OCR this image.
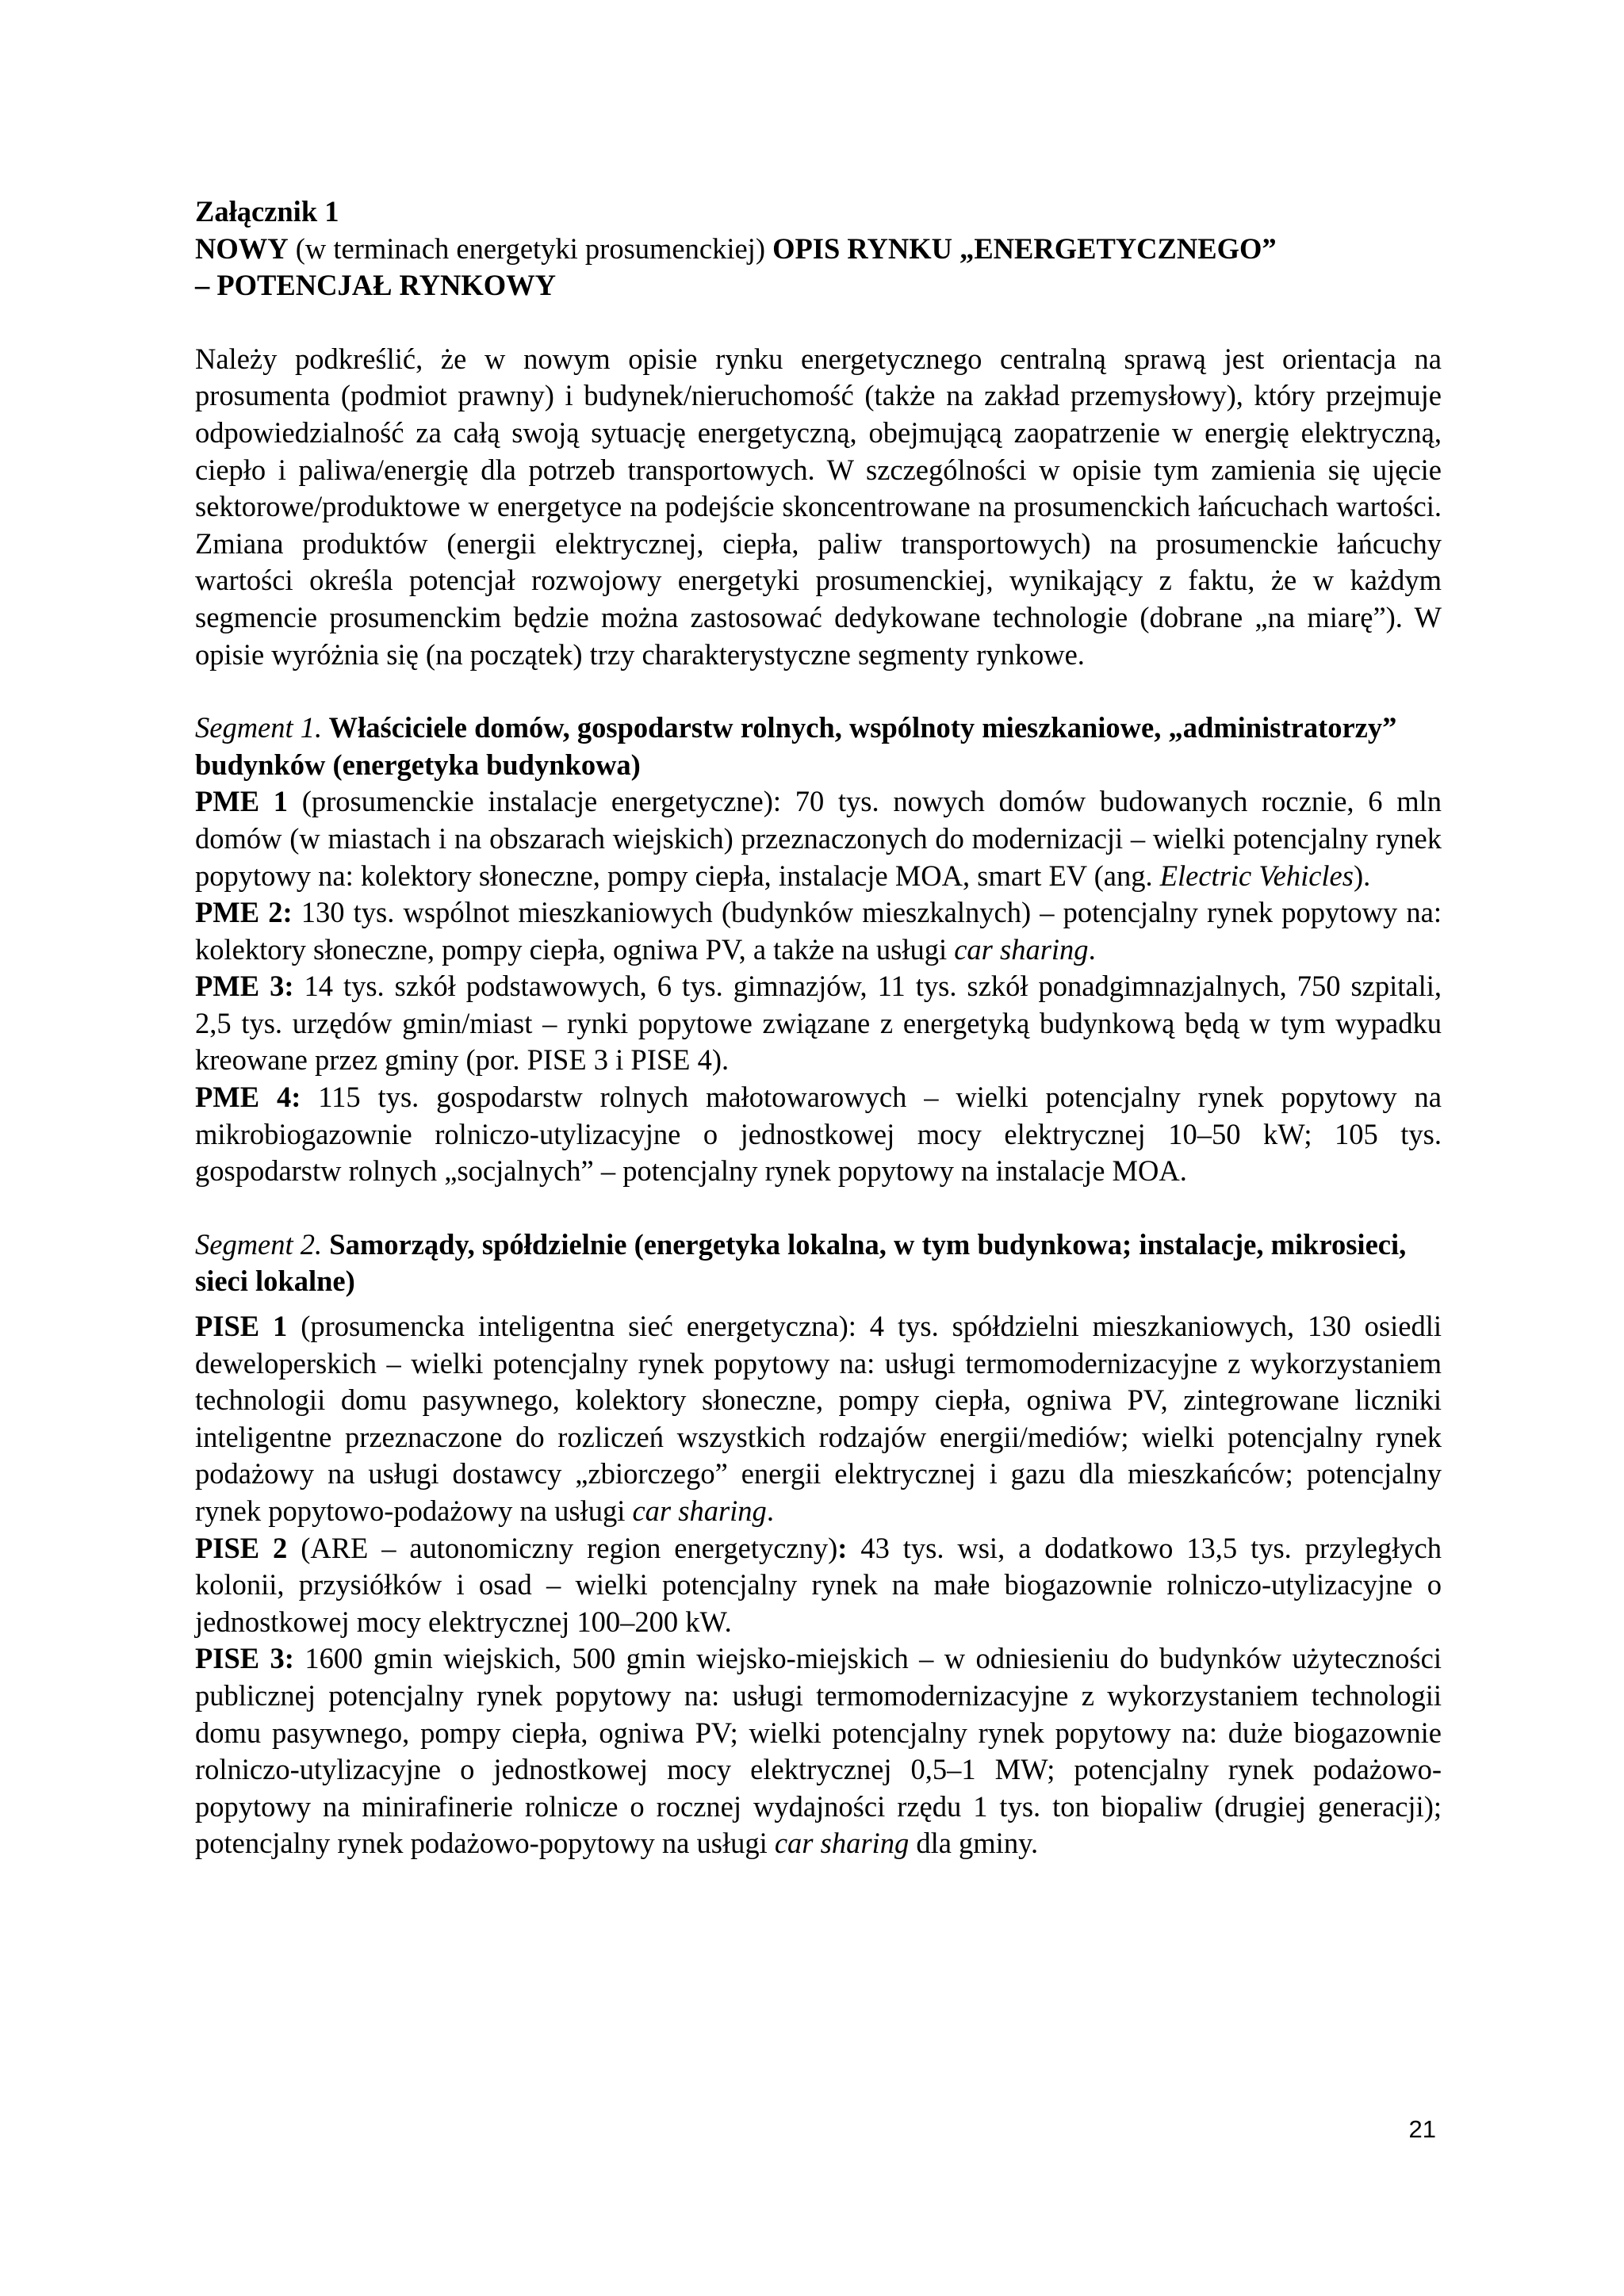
Załącznik 1
NOWY (w terminach energetyki prosumenckiej) OPIS RYNKU „ENERGETYCZNEGO”
– POTENCJAŁ RYNKOWY

Należy podkreślić, że w nowym opisie rynku energetycznego centralną sprawą jest orientacja na prosumenta (podmiot prawny) i budynek/nieruchomość (także na zakład przemysłowy), który przejmuje odpowiedzialność za całą swoją sytuację energetyczną, obejmującą zaopatrzenie w energię elektryczną, ciepło i paliwa/energię dla potrzeb transportowych. W szczególności w opisie tym zamienia się ujęcie sektorowe/produktowe w energetyce na podejście skoncentrowane na prosumenckich łańcuchach wartości. Zmiana produktów (energii elektrycznej, ciepła, paliw transportowych) na prosumenckie łańcuchy wartości określa potencjał rozwojowy energetyki prosumenckiej, wynikający z faktu, że w każdym segmencie prosumenckim będzie można zastosować dedykowane technologie (dobrane „na miarę”). W opisie wyróżnia się (na początek) trzy charakterystyczne segmenty rynkowe.

Segment 1. Właściciele domów, gospodarstw rolnych, wspólnoty mieszkaniowe, „administratorzy” budynków (energetyka budynkowa)

PME 1 (prosumenckie instalacje energetyczne): 70 tys. nowych domów budowanych rocznie, 6 mln domów (w miastach i na obszarach wiejskich) przeznaczonych do modernizacji – wielki potencjalny rynek popytowy na: kolektory słoneczne, pompy ciepła, instalacje MOA, smart EV (ang. Electric Vehicles).

PME 2: 130 tys. wspólnot mieszkaniowych (budynków mieszkalnych) – potencjalny rynek popytowy na: kolektory słoneczne, pompy ciepła, ogniwa PV, a także na usługi car sharing.

PME 3: 14 tys. szkół podstawowych, 6 tys. gimnazjów, 11 tys. szkół ponadgimnazjalnych, 750 szpitali, 2,5 tys. urzędów gmin/miast – rynki popytowe związane z energetyką budynkową będą w tym wypadku kreowane przez gminy (por. PISE 3 i PISE 4).

PME 4: 115 tys. gospodarstw rolnych małotowarowych – wielki potencjalny rynek popytowy na mikrobiogazownie rolniczo-utylizacyjne o jednostkowej mocy elektrycznej 10–50 kW; 105 tys. gospodarstw rolnych „socjalnych” – potencjalny rynek popytowy na instalacje MOA.

Segment 2. Samorządy, spółdzielnie (energetyka lokalna, w tym budynkowa; instalacje, mikrosieci, sieci lokalne)

PISE 1 (prosumencka inteligentna sieć energetyczna): 4 tys. spółdzielni mieszkaniowych, 130 osiedli deweloperskich – wielki potencjalny rynek popytowy na: usługi termomodernizacyjne z wykorzystaniem technologii domu pasywnego, kolektory słoneczne, pompy ciepła, ogniwa PV, zintegrowane liczniki inteligentne przeznaczone do rozliczeń wszystkich rodzajów energii/mediów; wielki potencjalny rynek podażowy na usługi dostawcy „zbiorczego” energii elektrycznej i gazu dla mieszkańców; potencjalny rynek popytowo-podażowy na usługi car sharing.

PISE 2 (ARE – autonomiczny region energetyczny): 43 tys. wsi, a dodatkowo 13,5 tys. przyległych kolonii, przysiółków i osad – wielki potencjalny rynek na małe biogazownie rolniczo-utylizacyjne o jednostkowej mocy elektrycznej 100–200 kW.

PISE 3: 1600 gmin wiejskich, 500 gmin wiejsko-miejskich – w odniesieniu do budynków użyteczności publicznej potencjalny rynek popytowy na: usługi termomodernizacyjne z wykorzystaniem technologii domu pasywnego, pompy ciepła, ogniwa PV; wielki potencjalny rynek popytowy na: duże biogazownie rolniczo-utylizacyjne o jednostkowej mocy elektrycznej 0,5–1 MW; potencjalny rynek podażowo-popytowy na minirafinerie rolnicze o rocznej wydajności rzędu 1 tys. ton biopaliw (drugiej generacji); potencjalny rynek podażowo-popytowy na usługi car sharing dla gminy.

21
